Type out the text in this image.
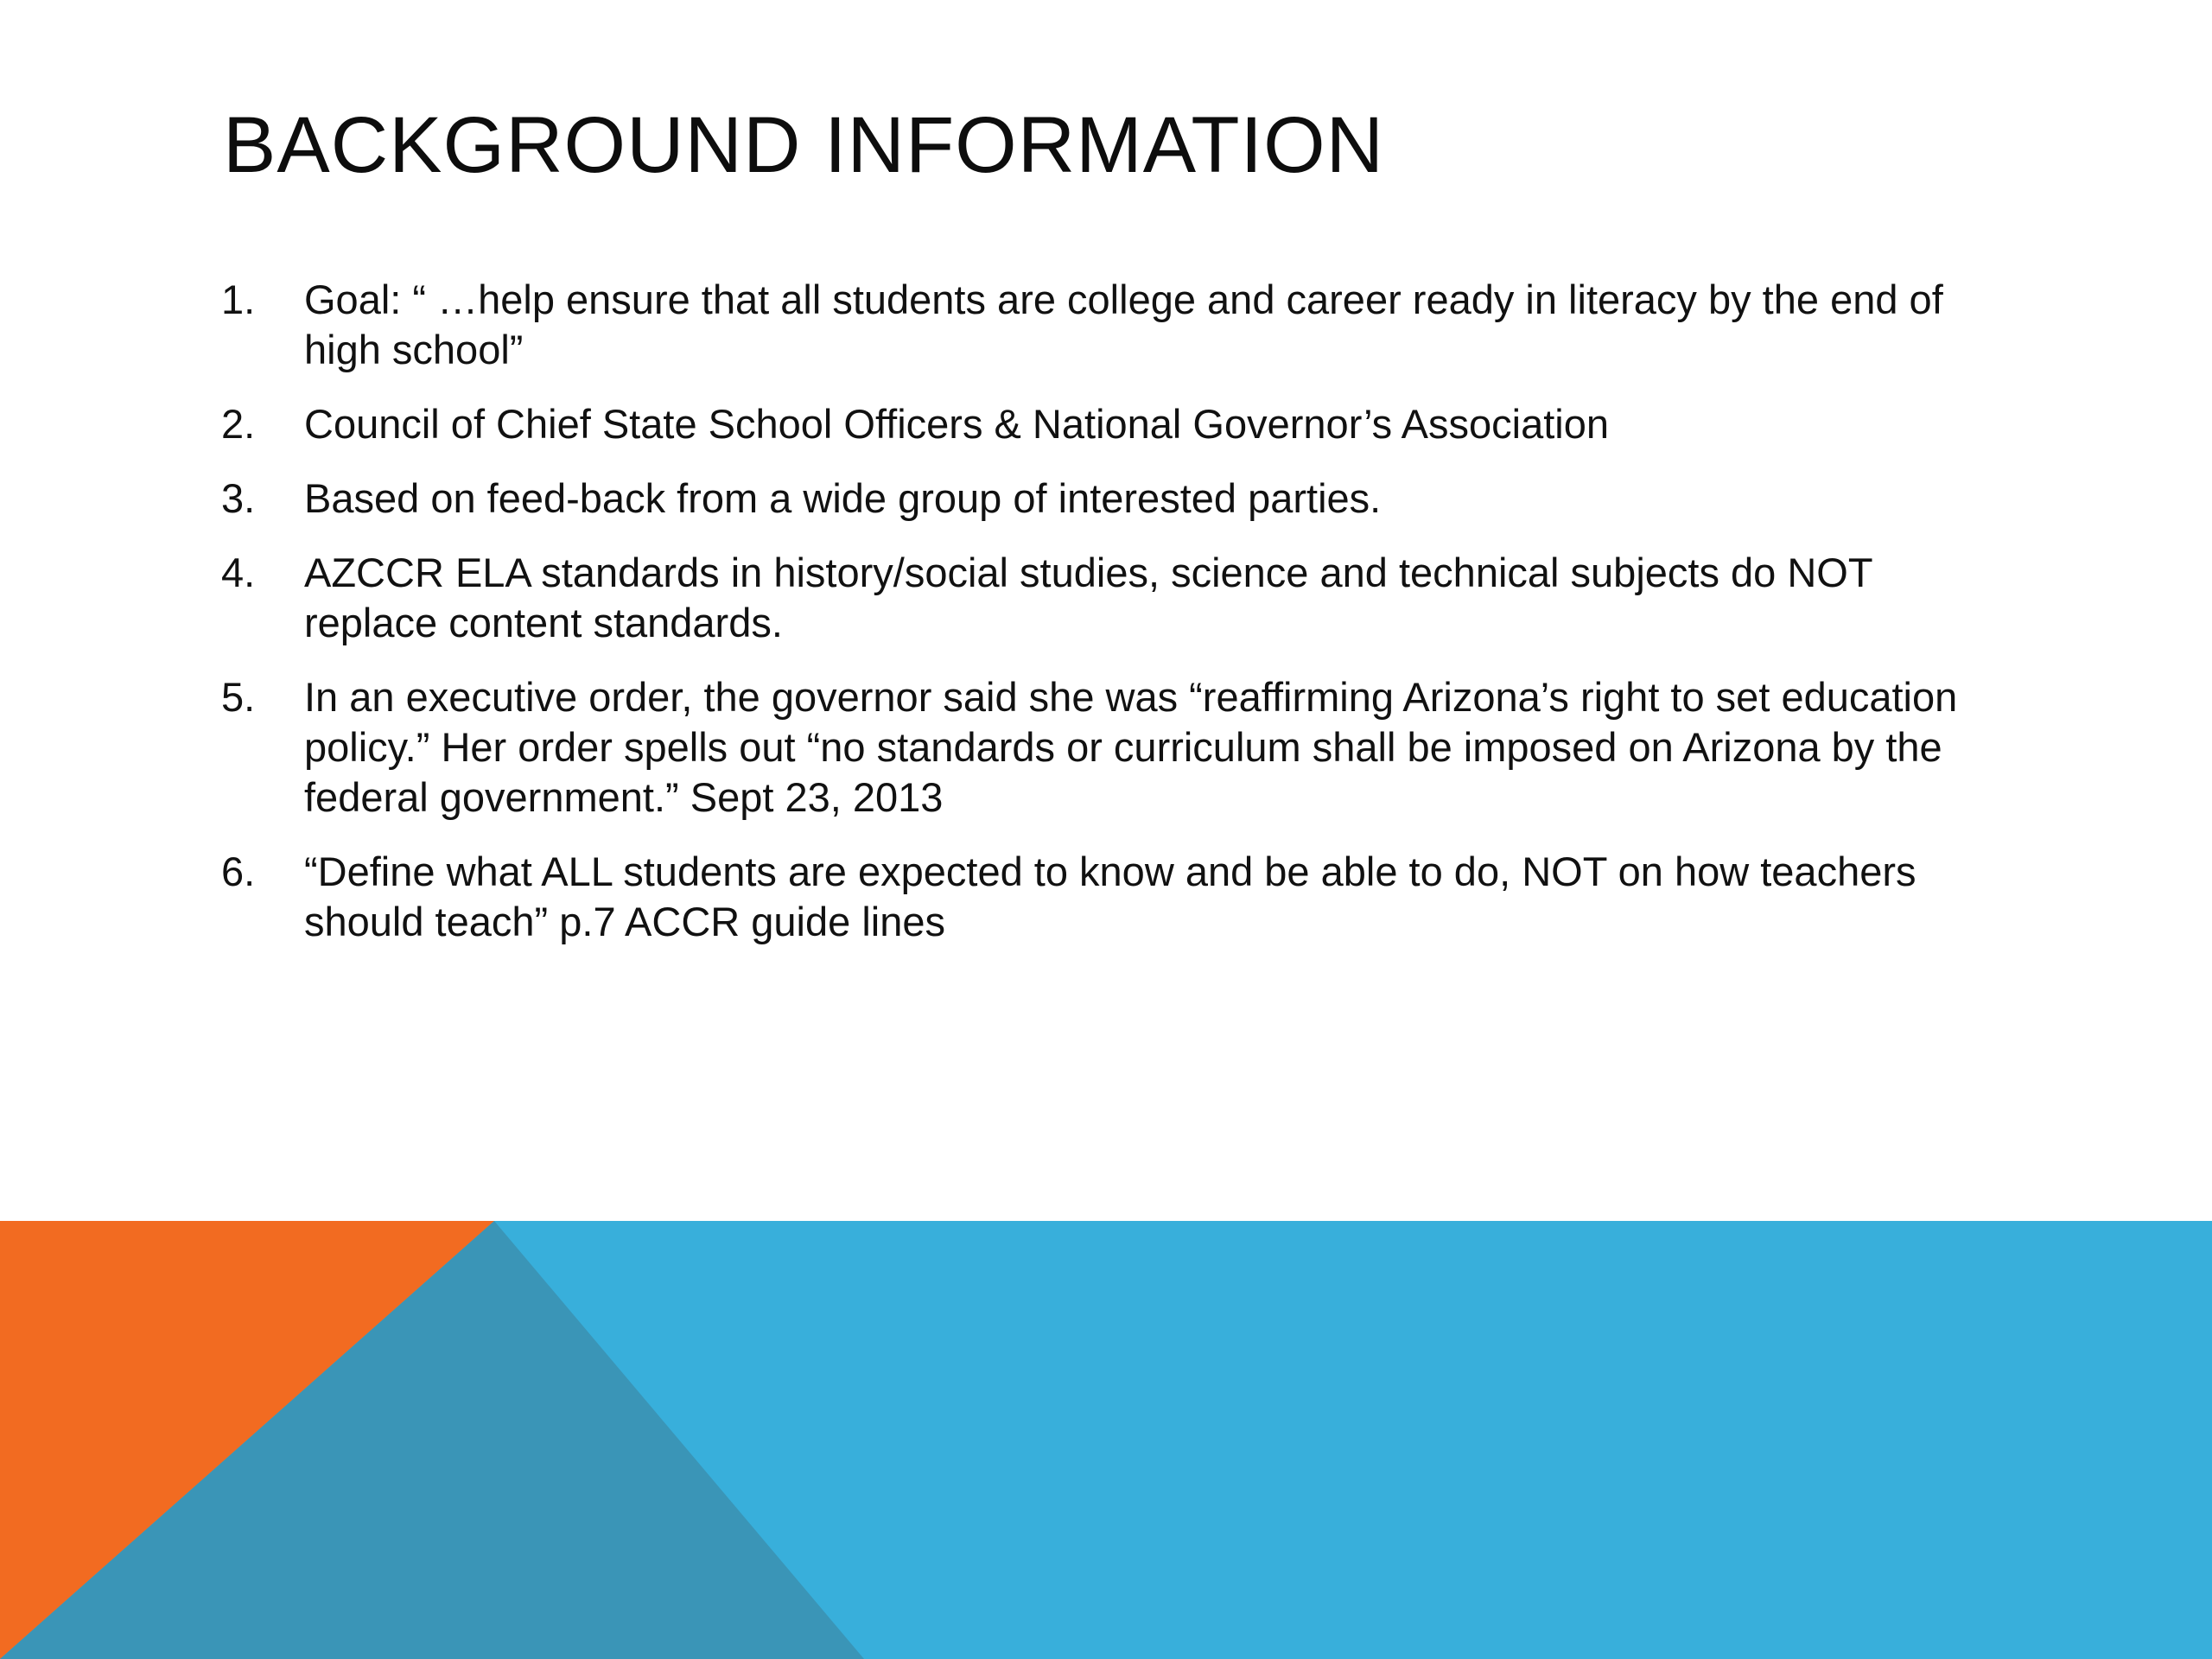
BACKGROUND INFORMATION
1.	Goal: “ …help ensure that all students are college and career ready in literacy by the end of high school”
2.	Council of Chief State School Officers & National Governor’s Association
3.	Based on feed-back from a wide group of interested parties.
4.	AZCCR ELA standards in history/social studies, science and technical subjects do NOT replace content standards.
5.	In an executive order, the governor said she was “reaffirming Arizona’s right to set education policy.” Her order spells out “no standards or curriculum shall be imposed on Arizona by the federal government.” Sept 23, 2013
6.	“Define what ALL students are expected to know and be able to do, NOT on how teachers should teach” p.7 ACCR guide lines
